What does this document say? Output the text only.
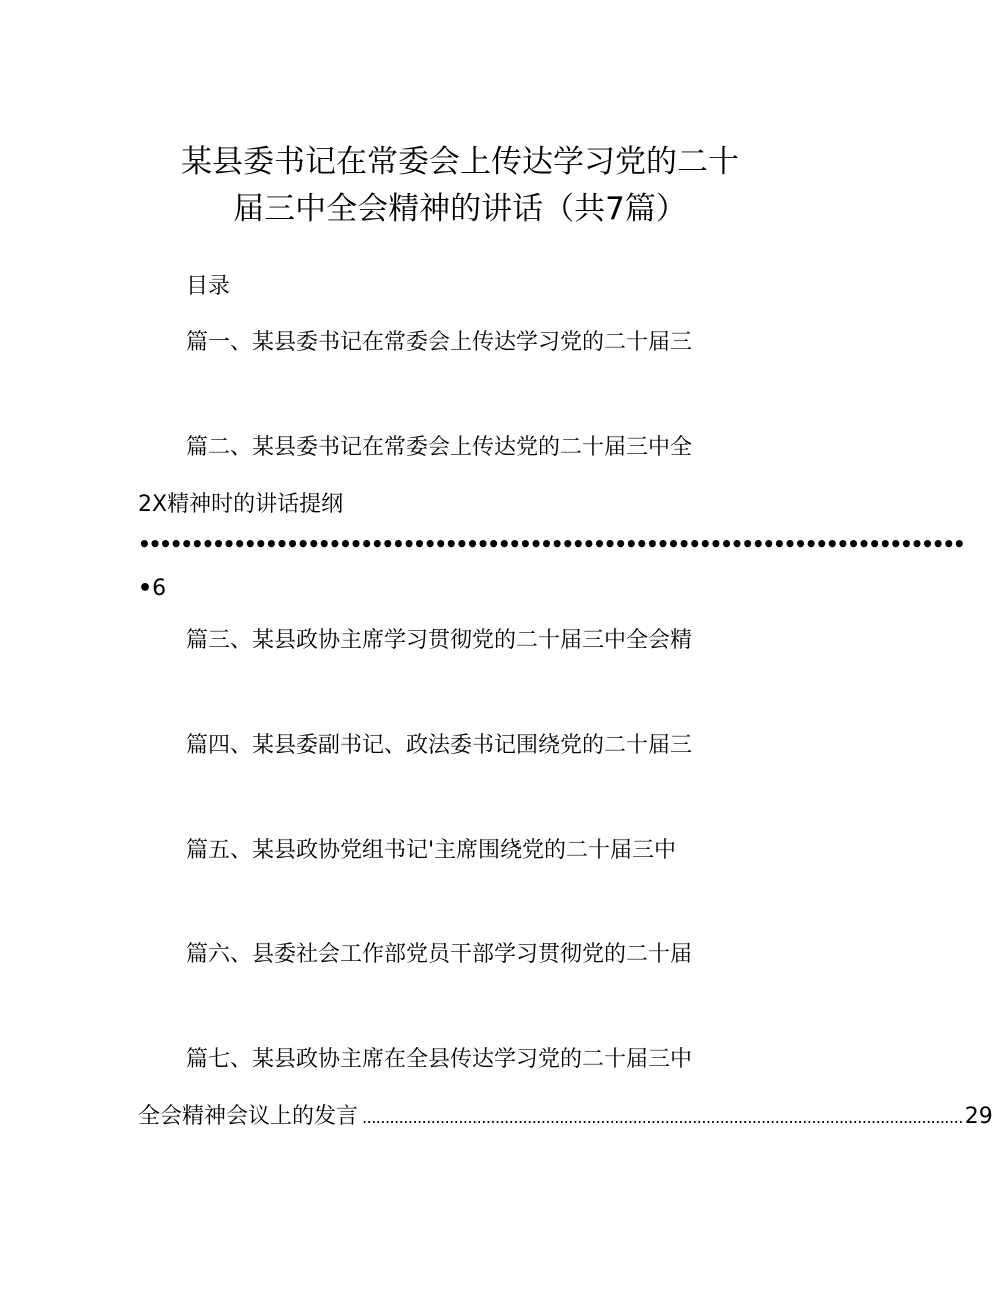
某县委书记在常委会上传达学习党的二十
届三中全会精神的讲话（共7篇）
目录
篇一、某县委书记在常委会上传达学习党的二十届三
篇二、某县委书记在常委会上传达党的二十届三中全
2X精神时的讲话提纲
••••••••••••••••••••••••••••••••••••••••••••••••••••••••••••••••••••••••••••••
•6
篇三、某县政协主席学习贯彻党的二十届三中全会精
篇四、某县委副书记、政法委书记围绕党的二十届三
篇五、某县政协党组书记'主席围绕党的二十届三中
篇六、县委社会工作部党员干部学习贯彻党的二十届
篇七、某县政协主席在全县传达学习党的二十届三中
全会精神会议上的发言 ................................................................................................................................... 29
